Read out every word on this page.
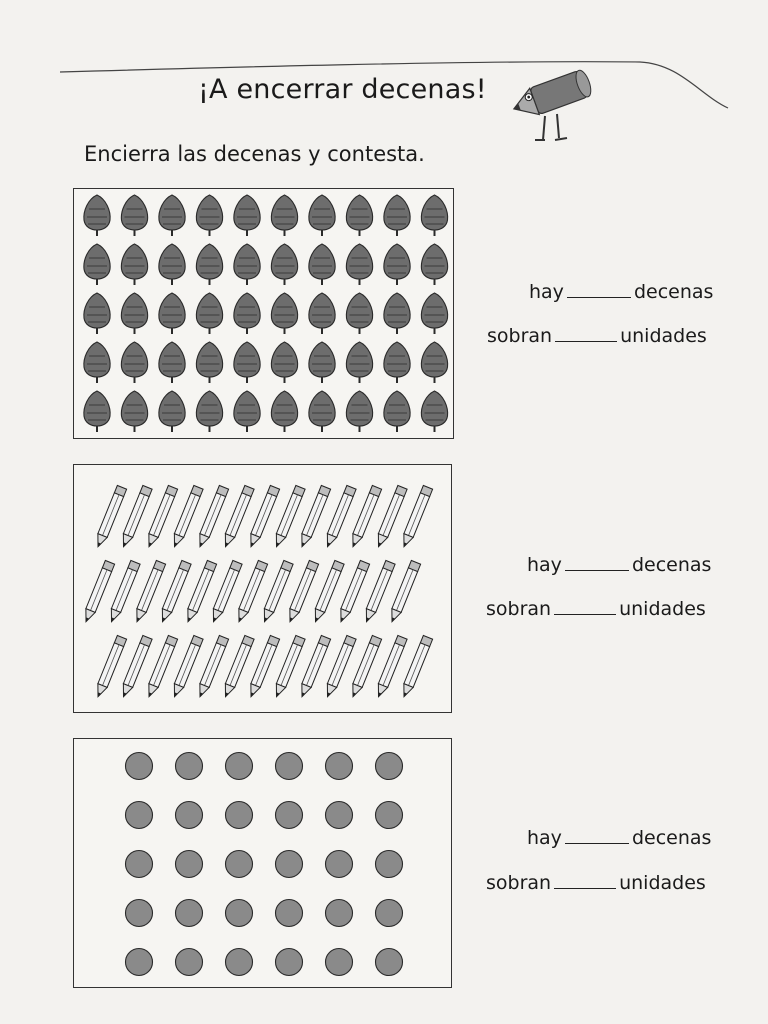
¡A encerrar decenas!
Encierra las decenas y contesta.
hay	decenas
sobran	unidades
hay	decenas
sobran	unidades
hay	decenas
sobran	unidades
